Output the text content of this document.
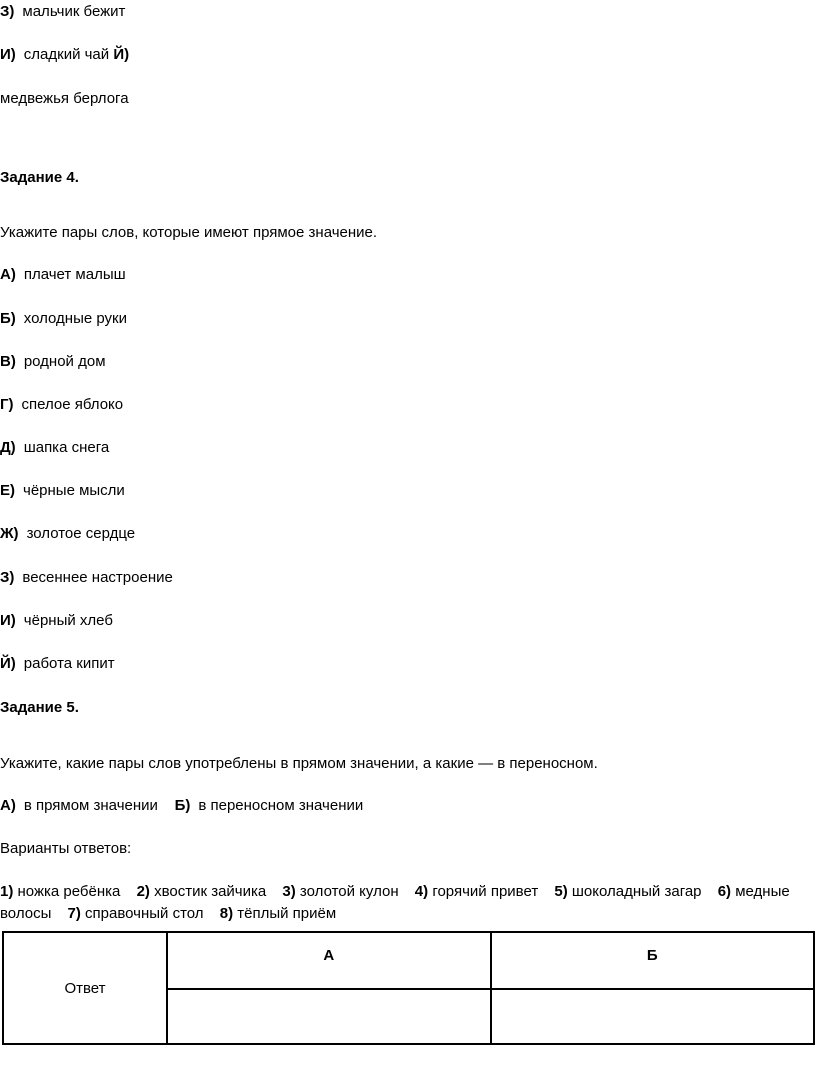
З) мальчик бежит
И) сладкий чай Й)
медвежья берлога
Задание 4.
Укажите пары слов, которые имеют прямое значение.
А) плачет малыш
Б) холодные руки
В) родной дом
Г) спелое яблоко
Д) шапка снега
Е) чёрные мысли
Ж) золотое сердце
З) весеннее настроение
И) чёрный хлеб
Й) работа кипит
Задание 5.
Укажите, какие пары слов употреблены в прямом значении, а какие — в переносном.
А) в прямом значении Б) в переносном значении
Варианты ответов:
1) ножка ребёнка 2) хвостик зайчика 3) золотой кулон 4) горячий привет 5) шоколадный загар 6) медные волосы 7) справочный стол 8) тёплый приём
Ответ	А	Б
